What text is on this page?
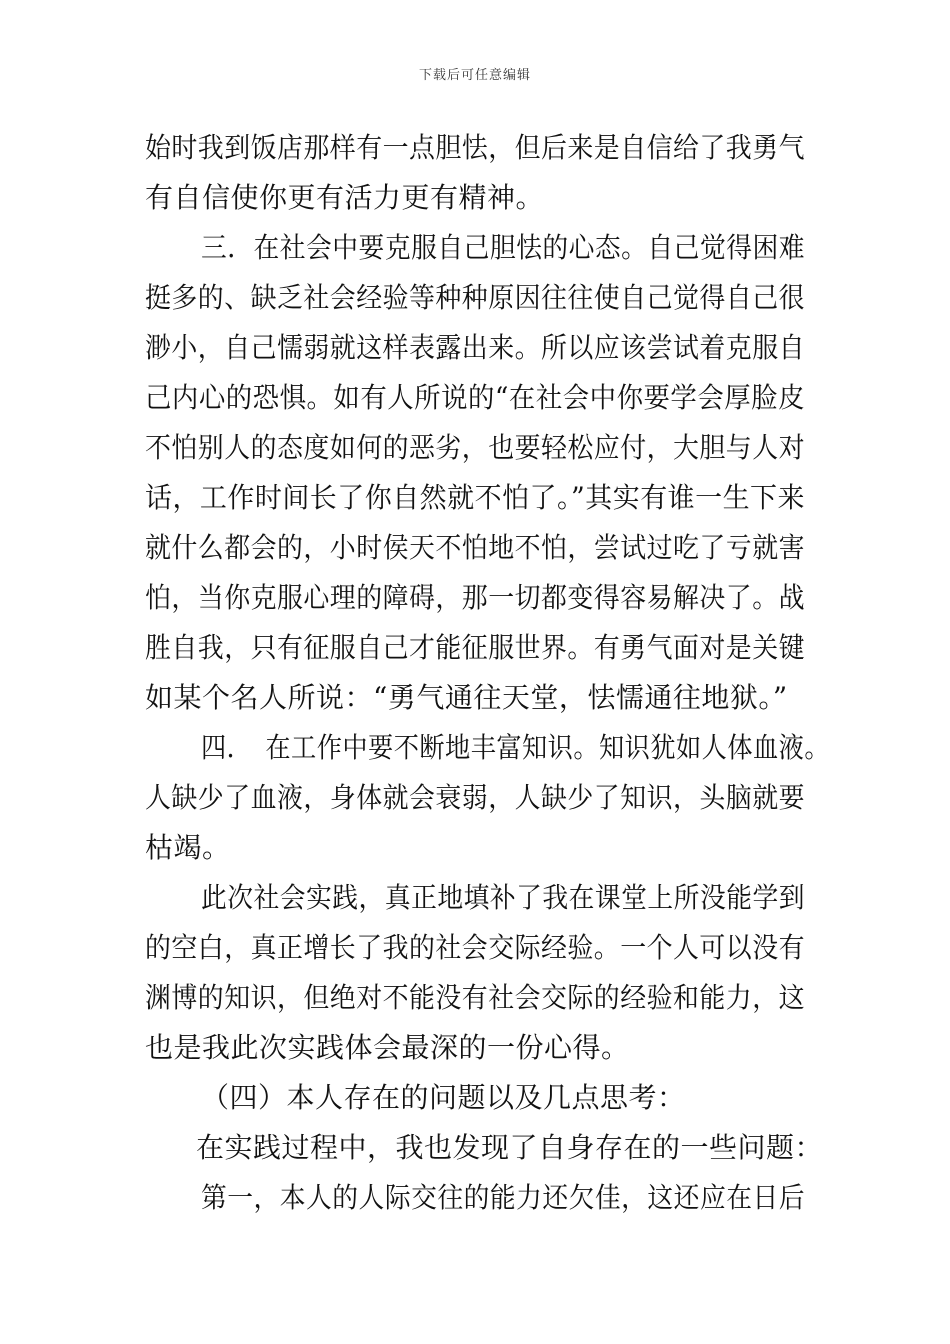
下载后可任意编辑
始时我到饭店那样有一点胆怯，但后来是自信给了我勇气
有自信使你更有活力更有精神。
三．在社会中要克服自己胆怯的心态。自己觉得困难
挺多的、缺乏社会经验等种种原因往往使自己觉得自己很
渺小，自己懦弱就这样表露出来。所以应该尝试着克服自
己内心的恐惧。如有人所说的“在社会中你要学会厚脸皮
不怕别人的态度如何的恶劣，也要轻松应付，大胆与人对
话，工作时间长了你自然就不怕了。”其实有谁一生下来
就什么都会的，小时侯天不怕地不怕，尝试过吃了亏就害
怕，当你克服心理的障碍，那一切都变得容易解决了。战
胜自我，只有征服自己才能征服世界。有勇气面对是关键
如某个名人所说：“勇气通往天堂，怯懦通往地狱。”
四．　在工作中要不断地丰富知识。知识犹如人体血液。
人缺少了血液，身体就会衰弱，人缺少了知识，头脑就要
枯竭。
此次社会实践，真正地填补了我在课堂上所没能学到
的空白，真正增长了我的社会交际经验。一个人可以没有
渊博的知识，但绝对不能没有社会交际的经验和能力，这
也是我此次实践体会最深的一份心得。
（四）本人存在的问题以及几点思考：
在实践过程中，我也发现了自身存在的一些问题：
第一，本人的人际交往的能力还欠佳，这还应在日后
